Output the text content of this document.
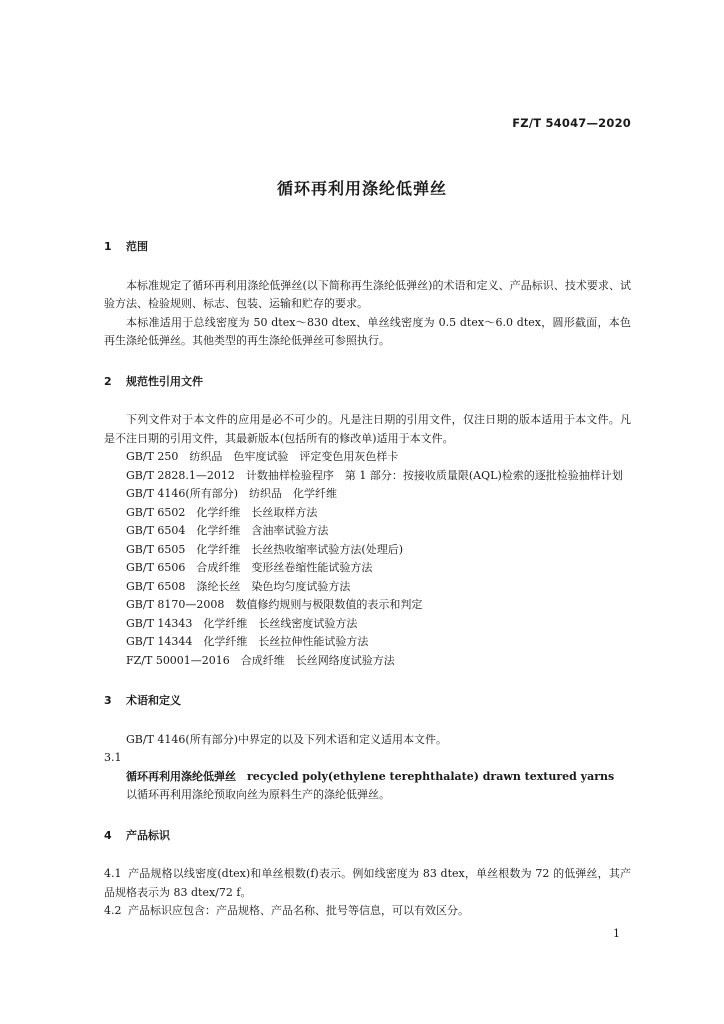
FZ/T 54047—2020
循环再利用涤纶低弹丝
1 范围
本标准规定了循环再利用涤纶低弹丝(以下简称再生涤纶低弹丝)的术语和定义、产品标识、技术要求、试验方法、检验规则、标志、包装、运输和贮存的要求。
本标准适用于总线密度为 50 dtex～830 dtex、单丝线密度为 0.5 dtex～6.0 dtex，圆形截面，本色再生涤纶低弹丝。其他类型的再生涤纶低弹丝可参照执行。
2 规范性引用文件
下列文件对于本文件的应用是必不可少的。凡是注日期的引用文件，仅注日期的版本适用于本文件。凡是不注日期的引用文件，其最新版本(包括所有的修改单)适用于本文件。
GB/T 250　纺织品　色牢度试验　评定变色用灰色样卡
GB/T 2828.1—2012　计数抽样检验程序　第 1 部分：按接收质量限(AQL)检索的逐批检验抽样计划
GB/T 4146(所有部分)　纺织品　化学纤维
GB/T 6502　化学纤维　长丝取样方法
GB/T 6504　化学纤维　含油率试验方法
GB/T 6505　化学纤维　长丝热收缩率试验方法(处理后)
GB/T 6506　合成纤维　变形丝卷缩性能试验方法
GB/T 6508　涤纶长丝　染色均匀度试验方法
GB/T 8170—2008　数值修约规则与极限数值的表示和判定
GB/T 14343　化学纤维　长丝线密度试验方法
GB/T 14344　化学纤维　长丝拉伸性能试验方法
FZ/T 50001—2016　合成纤维　长丝网络度试验方法
3 术语和定义
GB/T 4146(所有部分)中界定的以及下列术语和定义适用本文件。
3.1
循环再利用涤纶低弹丝　 recycled poly(ethylene terephthalate) drawn textured yarns
以循环再利用涤纶预取向丝为原料生产的涤纶低弹丝。
4 产品标识
4.1 产品规格以线密度(dtex)和单丝根数(f)表示。例如线密度为 83 dtex，单丝根数为 72 的低弹丝，其产品规格表示为 83 dtex/72 f。
4.2 产品标识应包含：产品规格、产品名称、批号等信息，可以有效区分。
1
